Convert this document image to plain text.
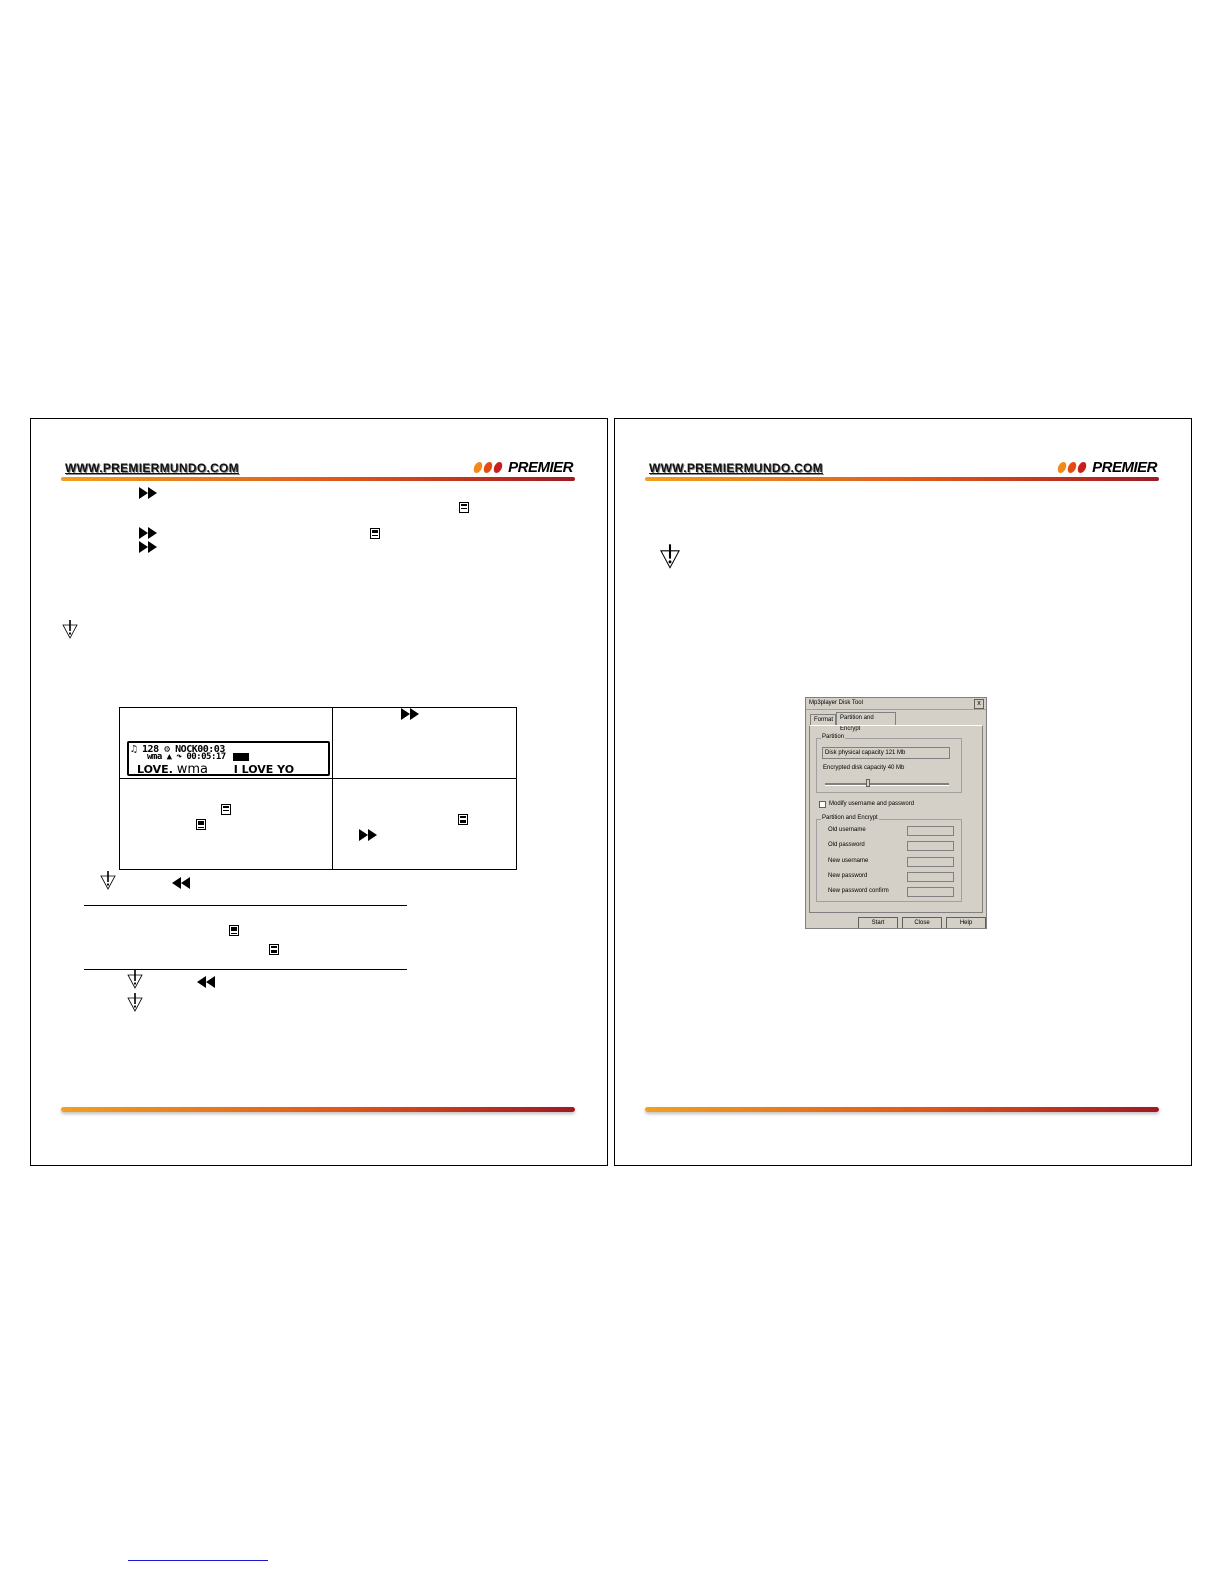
WWW.PREMIERMUNDO.COM	PREMIER
♫ 128 ⚙ NOCK00:03
wma ▲ ↷ 00:05:17
LOVE. wma I LOVE YO
WWW.PREMIERMUNDO.COM	PREMIER
Mp3player Disk Tool	x
Format	Partition and Encrypt
Partition
Disk physical capacity 121 Mb
Encrypted disk capacity 40 Mb
Modify username and password
Partition and Encrypt
Old username
Old password
New username
New password
New password confirm
Start	Close	Help
